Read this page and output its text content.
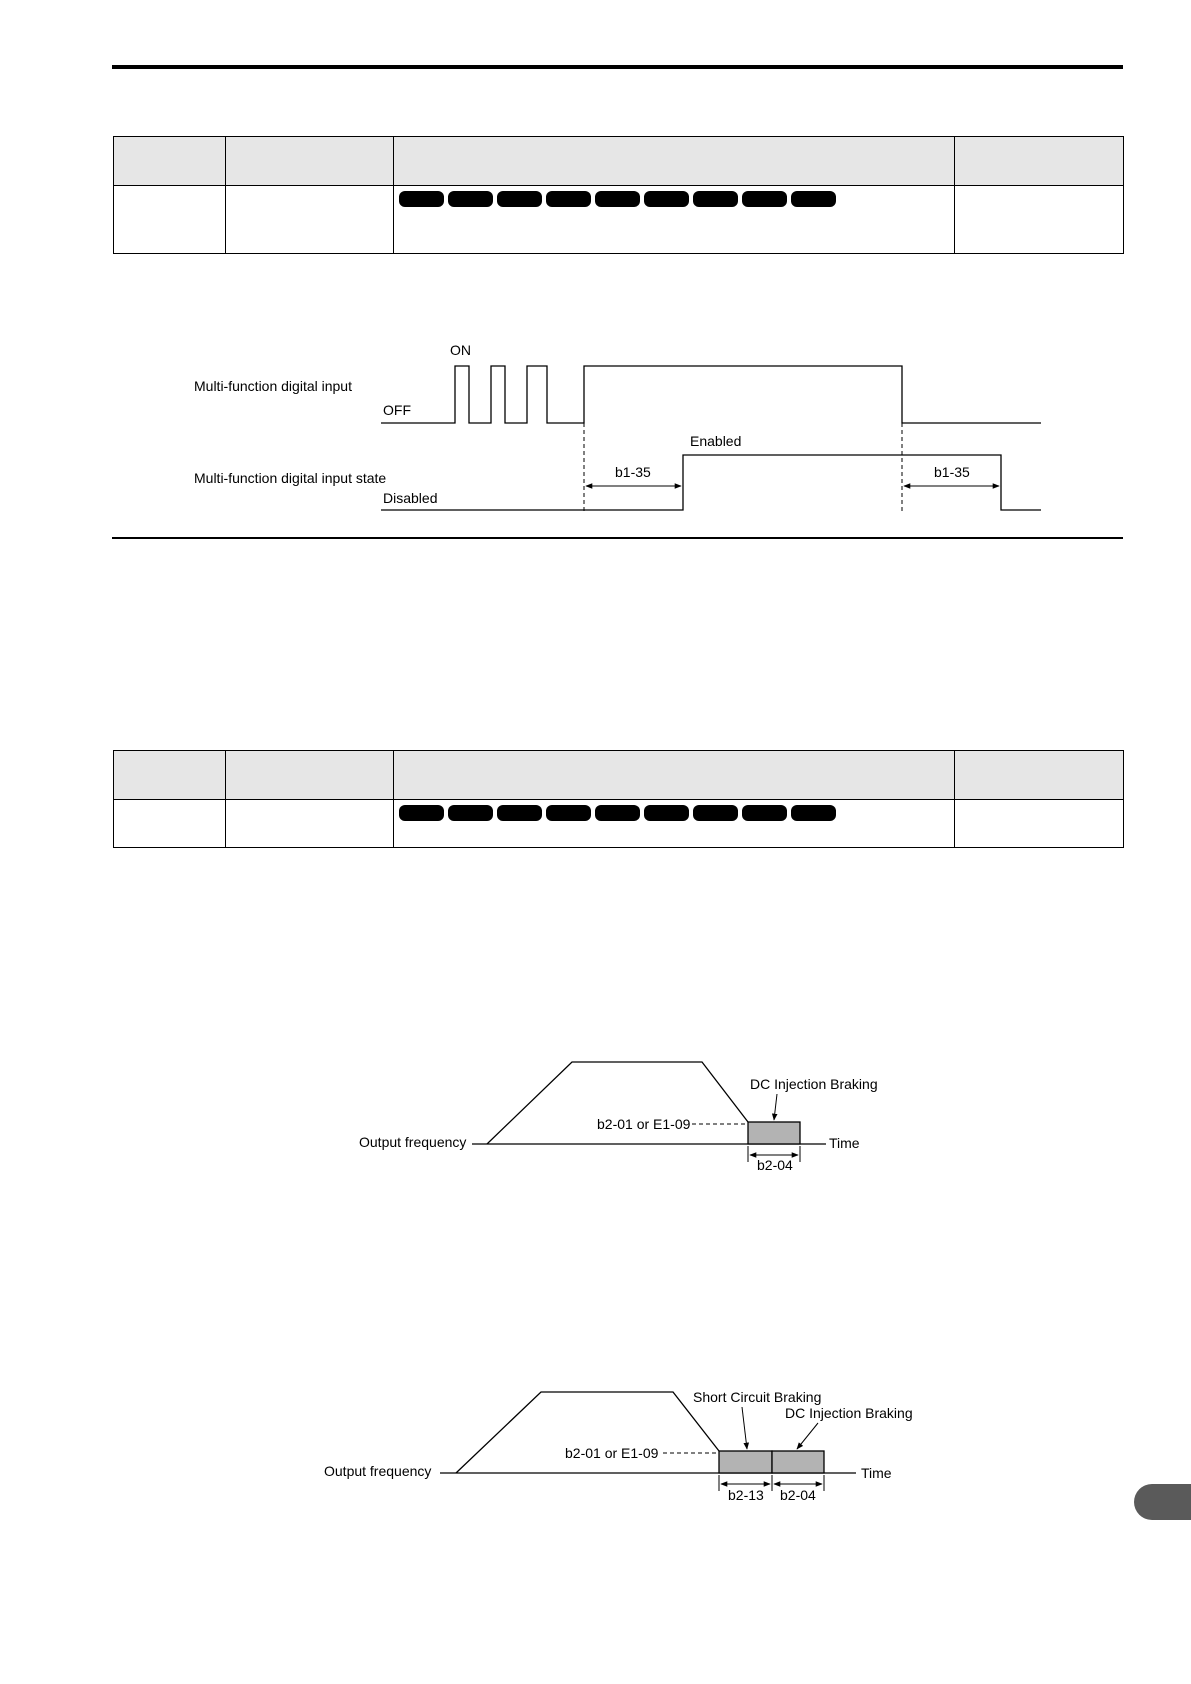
Multi-function digital input
ON
OFF
Multi-function digital input state
Enabled
Disabled
b1-35	b1-35
b2-01 or E1-09
Output frequency	Time
DC Injection Braking
b2-04
b2-01 or E1-09
Output frequency	Time
Short Circuit Braking
DC Injection Braking
b2-13 b2-04
